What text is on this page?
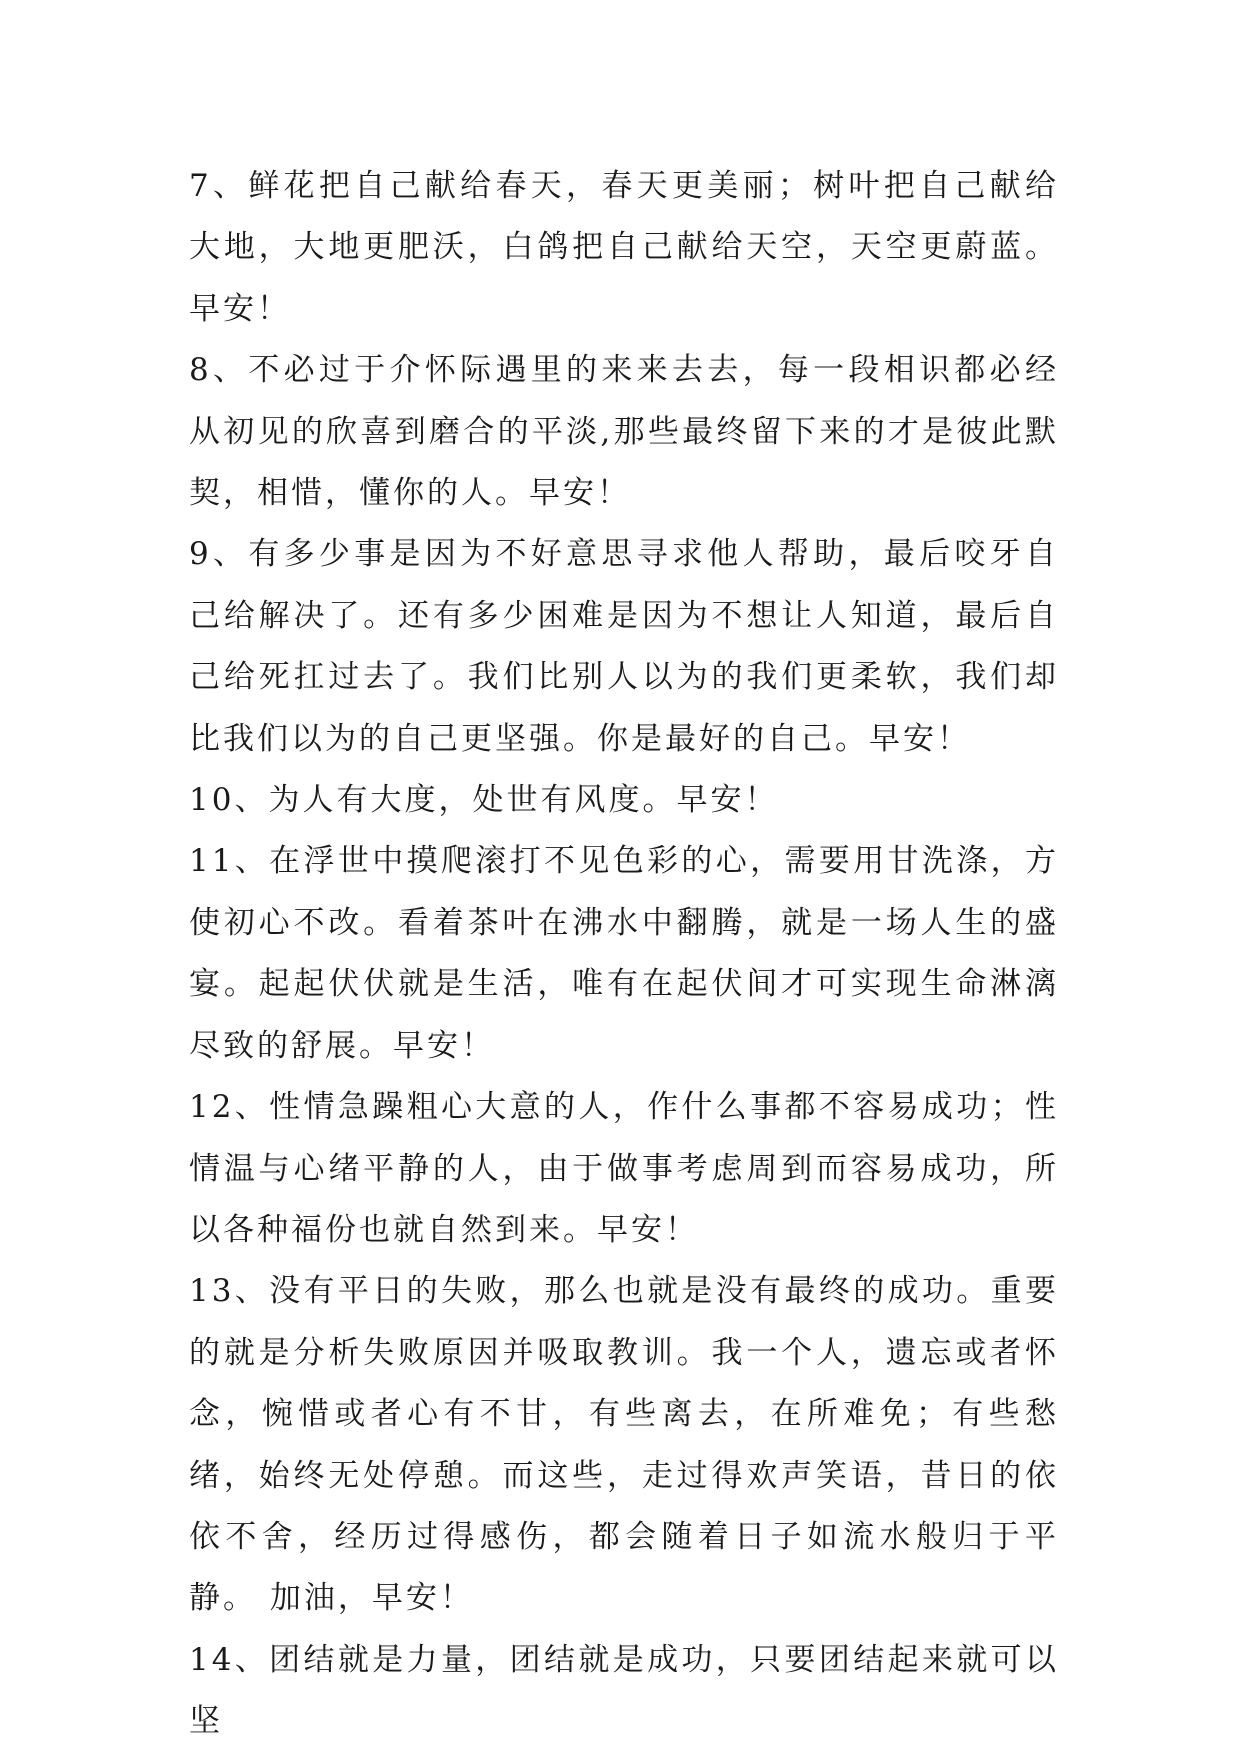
7、鲜花把自己献给春天，春天更美丽；树叶把自己献给大地，大地更肥沃，白鸽把自己献给天空，天空更蔚蓝。早安！

8、不必过于介怀际遇里的来来去去，每一段相识都必经从初见的欣喜到磨合的平淡,那些最终留下来的才是彼此默契，相惜，懂你的人。早安！

9、有多少事是因为不好意思寻求他人帮助，最后咬牙自己给解决了。还有多少困难是因为不想让人知道，最后自己给死扛过去了。我们比别人以为的我们更柔软，我们却比我们以为的自己更坚强。你是最好的自己。早安！

10、为人有大度，处世有风度。早安！

11、在浮世中摸爬滚打不见色彩的心，需要用甘洗涤，方使初心不改。看着茶叶在沸水中翻腾，就是一场人生的盛宴。起起伏伏就是生活，唯有在起伏间才可实现生命淋漓尽致的舒展。早安！

12、性情急躁粗心大意的人，作什么事都不容易成功；性情温与心绪平静的人，由于做事考虑周到而容易成功，所以各种福份也就自然到来。早安！

13、没有平日的失败，那么也就是没有最终的成功。重要的就是分析失败原因并吸取教训。我一个人，遗忘或者怀念，惋惜或者心有不甘，有些离去，在所难免；有些愁绪，始终无处停憩。而这些，走过得欢声笑语，昔日的依依不舍，经历过得感伤，都会随着日子如流水般归于平静。 加油，早安！

14、团结就是力量，团结就是成功，只要团结起来就可以坚
